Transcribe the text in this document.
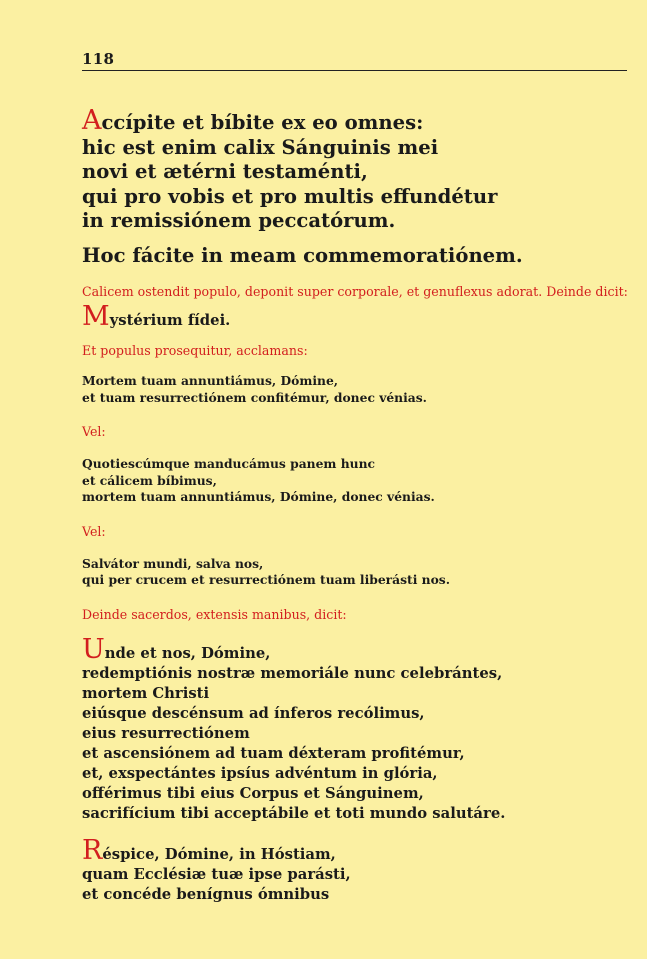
118
Accípite et bíbite ex eo omnes:
hic est enim calix Sánguinis mei
novi et ætérni testaménti,
qui pro vobis et pro multis effundétur
in remissiónem peccatórum.
Hoc fácite in meam commemoratiónem.
Calicem ostendit populo, deponit super corporale, et genuflexus adorat. Deinde dicit:
Mystérium fídei.
Et populus prosequitur, acclamans:
Mortem tuam annuntiámus, Dómine,
et tuam resurrectiónem confitémur, donec vénias.
Vel:
Quotiescúmque manducámus panem hunc
et cálicem bíbimus,
mortem tuam annuntiámus, Dómine, donec vénias.
Vel:
Salvátor mundi, salva nos,
qui per crucem et resurrectiónem tuam liberásti nos.
Deinde sacerdos, extensis manibus, dicit:
Unde et nos, Dómine,
redemptiónis nostræ memoriále nunc celebrántes,
mortem Christi
eiúsque descénsum ad ínferos recólimus,
eius resurrectiónem
et ascensiónem ad tuam déxteram profitémur,
et, exspectántes ipsíus advéntum in glória,
offérimus tibi eius Corpus et Sánguinem,
sacrifícium tibi acceptábile et toti mundo salutáre.
Réspice, Dómine, in Hóstiam,
quam Ecclésiæ tuæ ipse parásti,
et concéde benígnus ómnibus
